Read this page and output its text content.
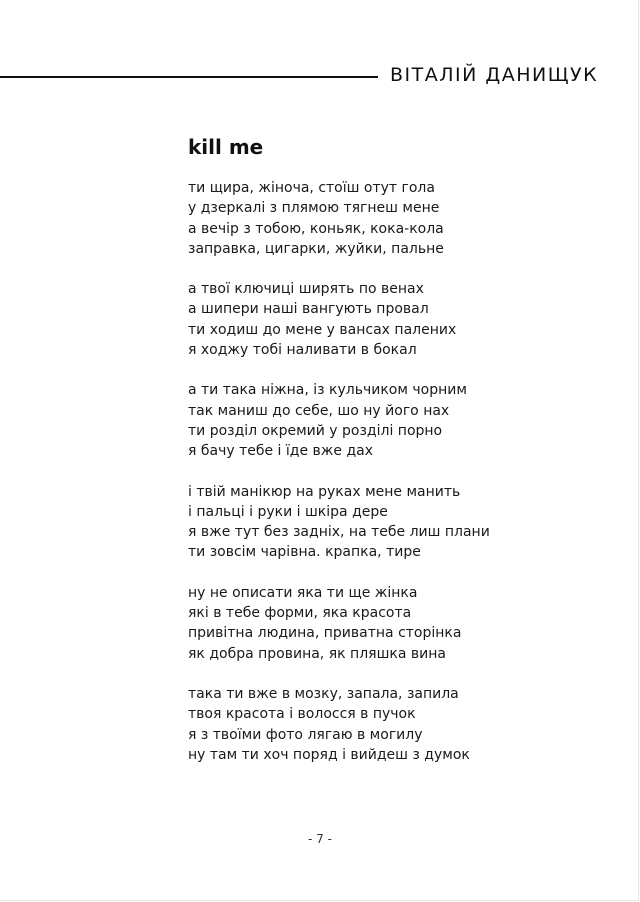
ВІТАЛІЙ ДАНИЩУК
kill me
ти щира, жіноча, стоїш отут гола
у дзеркалі з плямою тягнеш мене
а вечір з тобою, коньяк, кока-кола
заправка, цигарки, жуйки, пальне
а твої ключиці ширять по венах
а шипери наші вангують провал
ти ходиш до мене у вансах палених
я ходжу тобі наливати в бокал
а ти така ніжна, із кульчиком чорним
так маниш до себе, шо ну його нах
ти розділ окремий у розділі порно
я бачу тебе і їде вже дах
і твій манікюр на руках мене манить
і пальці і руки і шкіра дере
я вже тут без задніх, на тебе лиш плани
ти зовсім чарівна. крапка, тире
ну не описати яка ти ще жінка
які в тебе форми, яка красота
привітна людина, приватна сторінка
як добра провина, як пляшка вина
така ти вже в мозку, запала, запила
твоя красота і волосся в пучок
я з твоїми фото лягаю в могилу
ну там ти хоч поряд і вийдеш з думок
- 7 -
